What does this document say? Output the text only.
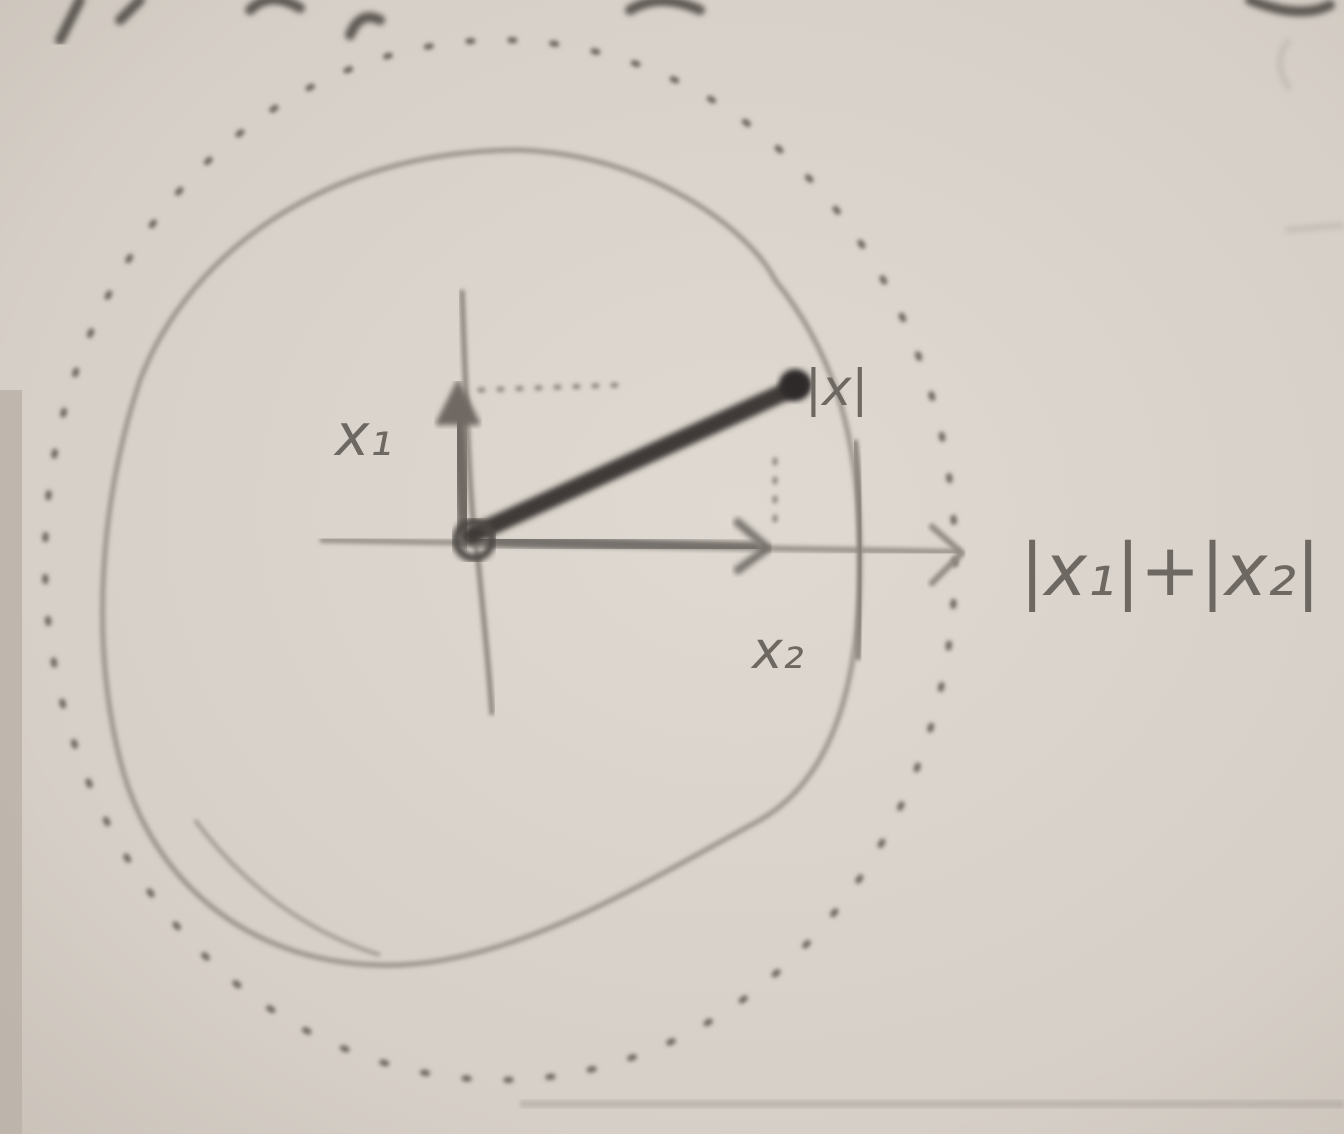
x₁
x₂
|x|
|x₁|+|x₂|
